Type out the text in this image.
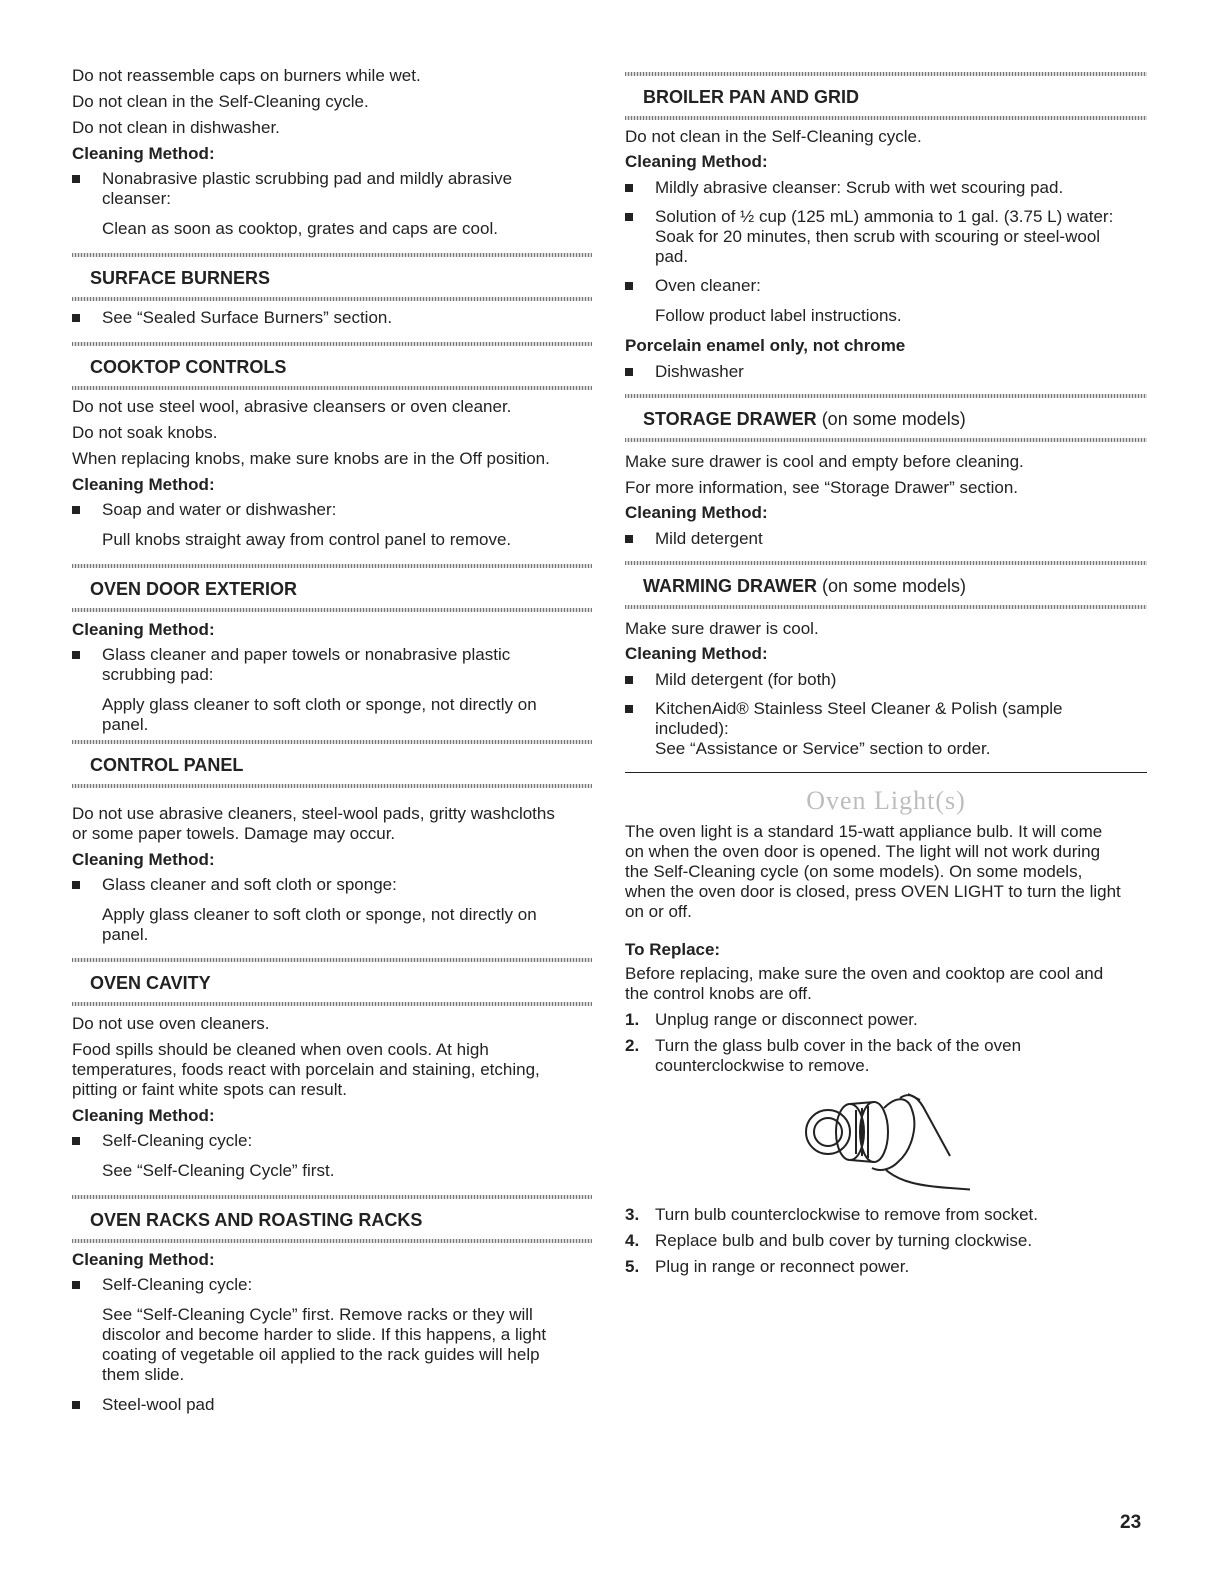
Do not reassemble caps on burners while wet.
Do not clean in the Self-Cleaning cycle.
Do not clean in dishwasher.
Cleaning Method:
Nonabrasive plastic scrubbing pad and mildly abrasive
cleanser:
Clean as soon as cooktop, grates and caps are cool.
SURFACE BURNERS
See “Sealed Surface Burners” section.
COOKTOP CONTROLS
Do not use steel wool, abrasive cleansers or oven cleaner.
Do not soak knobs.
When replacing knobs, make sure knobs are in the Off position.
Cleaning Method:
Soap and water or dishwasher:
Pull knobs straight away from control panel to remove.
OVEN DOOR EXTERIOR
Cleaning Method:
Glass cleaner and paper towels or nonabrasive plastic
scrubbing pad:
Apply glass cleaner to soft cloth or sponge, not directly on
panel.
CONTROL PANEL
Do not use abrasive cleaners, steel-wool pads, gritty washcloths
or some paper towels. Damage may occur.
Cleaning Method:
Glass cleaner and soft cloth or sponge:
Apply glass cleaner to soft cloth or sponge, not directly on
panel.
OVEN CAVITY
Do not use oven cleaners.
Food spills should be cleaned when oven cools. At high
temperatures, foods react with porcelain and staining, etching,
pitting or faint white spots can result.
Cleaning Method:
Self-Cleaning cycle:
See “Self-Cleaning Cycle” first.
OVEN RACKS AND ROASTING RACKS
Cleaning Method:
Self-Cleaning cycle:
See “Self-Cleaning Cycle” first. Remove racks or they will
discolor and become harder to slide. If this happens, a light
coating of vegetable oil applied to the rack guides will help
them slide.
Steel-wool pad
BROILER PAN AND GRID
Do not clean in the Self-Cleaning cycle.
Cleaning Method:
Mildly abrasive cleanser: Scrub with wet scouring pad.
Solution of ½ cup (125 mL) ammonia to 1 gal. (3.75 L) water:
Soak for 20 minutes, then scrub with scouring or steel-wool
pad.
Oven cleaner:
Follow product label instructions.
Porcelain enamel only, not chrome
Dishwasher
STORAGE DRAWER (on some models)
Make sure drawer is cool and empty before cleaning.
For more information, see “Storage Drawer” section.
Cleaning Method:
Mild detergent
WARMING DRAWER (on some models)
Make sure drawer is cool.
Cleaning Method:
Mild detergent (for both)
KitchenAid® Stainless Steel Cleaner & Polish (sample
included):
See “Assistance or Service” section to order.
Oven Light(s)
The oven light is a standard 15-watt appliance bulb. It will come
on when the oven door is opened. The light will not work during
the Self-Cleaning cycle (on some models). On some models,
when the oven door is closed, press OVEN LIGHT to turn the light
on or off.
To Replace:
Before replacing, make sure the oven and cooktop are cool and
the control knobs are off.
1. Unplug range or disconnect power.
2. Turn the glass bulb cover in the back of the oven
counterclockwise to remove.
3. Turn bulb counterclockwise to remove from socket.
4. Replace bulb and bulb cover by turning clockwise.
5. Plug in range or reconnect power.
23
